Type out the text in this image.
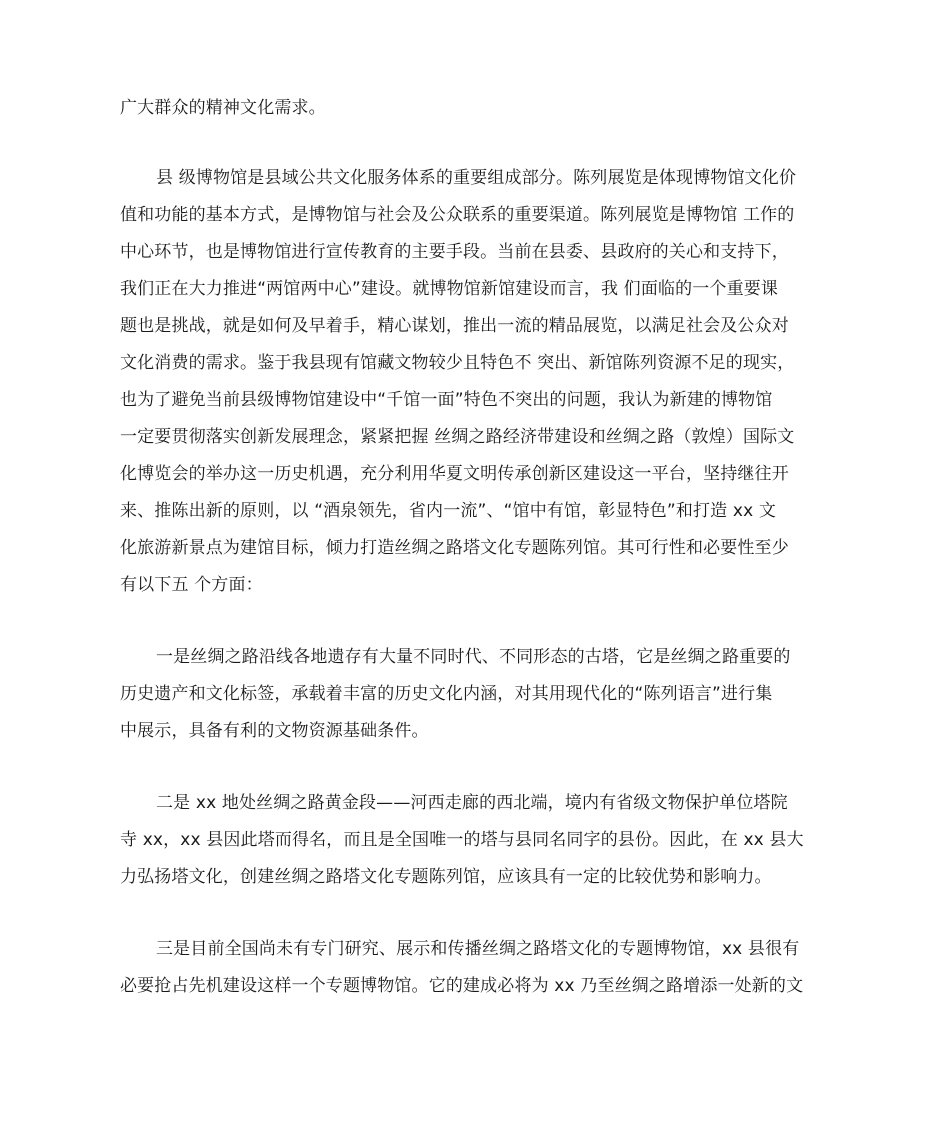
广大群众的精神文化需求。
县 级博物馆是县域公共文化服务体系的重要组成部分。陈列展览是体现博物馆文化价
值和功能的基本方式，是博物馆与社会及公众联系的重要渠道。陈列展览是博物馆 工作的
中心环节，也是博物馆进行宣传教育的主要手段。当前在县委、县政府的关心和支持下，
我们正在大力推进“两馆两中心”建设。就博物馆新馆建设而言，我 们面临的一个重要课
题也是挑战，就是如何及早着手，精心谋划，推出一流的精品展览，以满足社会及公众对
文化消费的需求。鉴于我县现有馆藏文物较少且特色不 突出、新馆陈列资源不足的现实，
也为了避免当前县级博物馆建设中“千馆一面”特色不突出的问题，我认为新建的博物馆
一定要贯彻落实创新发展理念，紧紧把握 丝绸之路经济带建设和丝绸之路（敦煌）国际文
化博览会的举办这一历史机遇，充分利用华夏文明传承创新区建设这一平台，坚持继往开
来、推陈出新的原则，以 “酒泉领先，省内一流”、“馆中有馆，彰显特色”和打造 xx 文
化旅游新景点为建馆目标，倾力打造丝绸之路塔文化专题陈列馆。其可行性和必要性至少
有以下五 个方面：
一是丝绸之路沿线各地遗存有大量不同时代、不同形态的古塔，它是丝绸之路重要的
历史遗产和文化标签，承载着丰富的历史文化内涵，对其用现代化的“陈列语言”进行集
中展示，具备有利的文物资源基础条件。
二是 xx 地处丝绸之路黄金段——河西走廊的西北端，境内有省级文物保护单位塔院
寺 xx，xx 县因此塔而得名，而且是全国唯一的塔与县同名同字的县份。因此，在 xx 县大
力弘扬塔文化，创建丝绸之路塔文化专题陈列馆，应该具有一定的比较优势和影响力。
三是目前全国尚未有专门研究、展示和传播丝绸之路塔文化的专题博物馆，xx 县很有
必要抢占先机建设这样一个专题博物馆。它的建成必将为 xx 乃至丝绸之路增添一处新的文
